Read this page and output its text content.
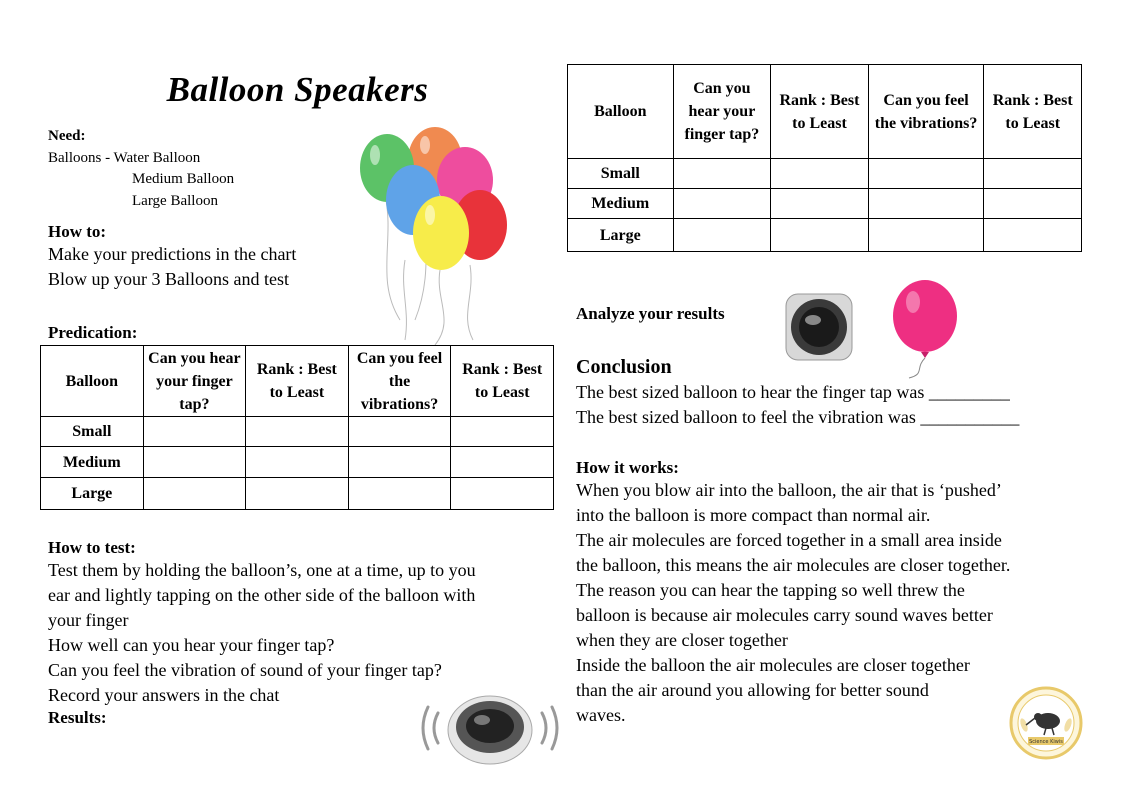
Balloon Speakers
Need:
Balloons - Water Balloon
Medium Balloon
Large Balloon
How to:
Make your predictions in the chart
Blow up your 3 Balloons and test
Predication:
Balloon	Can you hear your finger tap?	Rank : Best to Least	Can you feel the vibrations?	Rank : Best to Least
Small				
Medium				
Large				
How to test:
Test them by holding the balloon’s, one at a time, up to you
ear and lightly tapping on the other side of the balloon with
your finger
How well can you hear your finger tap?
Can you feel the vibration of sound of your finger tap?
Record your answers in the chat
Results:
Balloon	Can you hear your finger tap?	Rank : Best to Least	Can you feel the vibrations?	Rank : Best to Least
Small				
Medium				
Large				
Analyze your results
Conclusion
The best sized balloon to hear the finger tap was _________
The best sized balloon to feel the vibration was ___________
How it works:
When you blow air into the balloon, the air that is ‘pushed’
into the balloon is more compact than normal air.
The air molecules are forced together in a small area inside
the balloon, this means the air molecules are closer together.
The reason you can hear the tapping so well threw the
balloon is because air molecules carry sound waves better
when they are closer together
Inside the balloon the air molecules are closer together
than the air around you allowing for better sound
waves.
Science Kiwis
